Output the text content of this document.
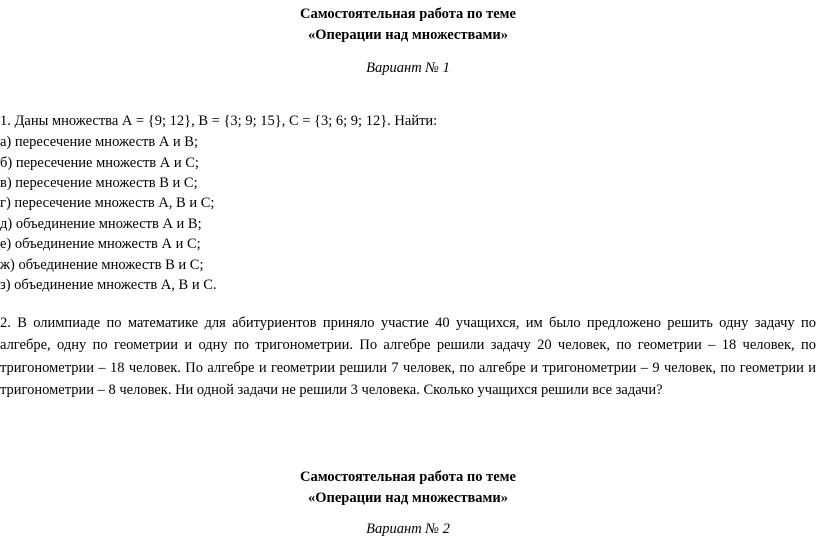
Самостоятельная работа по теме
«Операции над множествами»
Вариант № 1
1. Даны множества А = {9; 12}, В = {3; 9; 15}, С = {3; 6; 9; 12}. Найти:
а) пересечение множеств А и В;
б) пересечение множеств А и С;
в) пересечение множеств В и С;
г) пересечение множеств А, В и С;
д) объединение множеств А и В;
е) объединение множеств А и С;
ж) объединение множеств В и С;
з) объединение множеств А, В и С.
2. В олимпиаде по математике для абитуриентов приняло участие 40 учащихся, им было предложено решить одну задачу по алгебре, одну по геометрии и одну по тригонометрии. По алгебре решили задачу 20 человек, по геометрии – 18 человек, по тригонометрии – 18 человек. По алгебре и геометрии решили 7 человек, по алгебре и тригонометрии – 9 человек, по геометрии и тригонометрии – 8 человек. Ни одной задачи не решили 3 человека. Сколько учащихся решили все задачи?
Самостоятельная работа по теме
«Операции над множествами»
Вариант № 2
